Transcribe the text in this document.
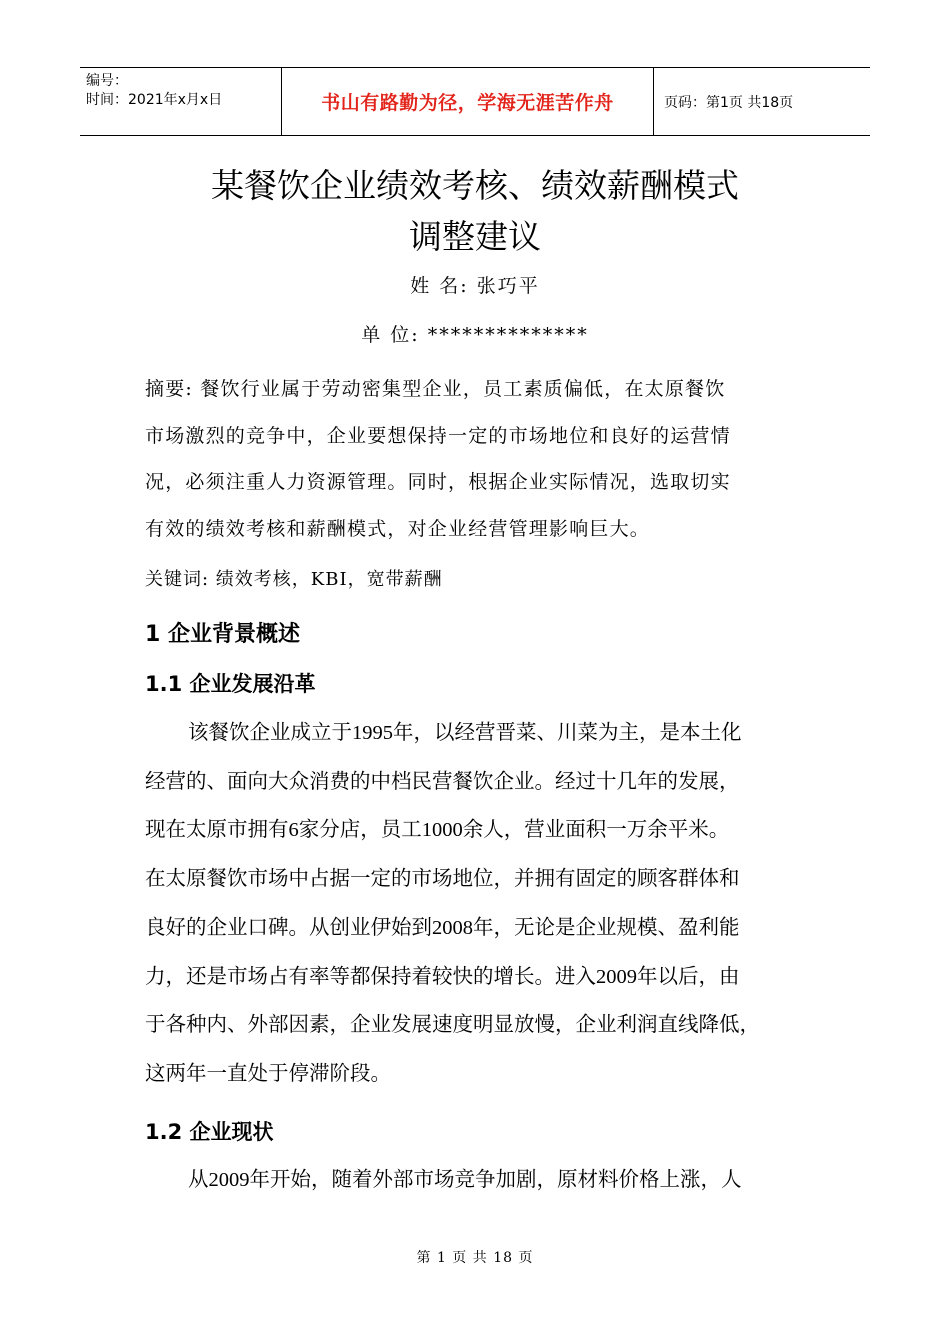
编号：
时间：2021年x月x日	书山有路勤为径，学海无涯苦作舟	页码：第1页 共18页
某餐饮企业绩效考核、绩效薪酬模式
调整建议
姓 名: 张巧平
单 位: **************
摘要: 餐饮行业属于劳动密集型企业，员工素质偏低，在太原餐饮
市场激烈的竞争中，企业要想保持一定的市场地位和良好的运营情
况，必须注重人力资源管理。同时，根据企业实际情况，选取切实
有效的绩效考核和薪酬模式，对企业经营管理影响巨大。
关键词: 绩效考核，KBI，宽带薪酬
1 企业背景概述
1.1 企业发展沿革
该餐饮企业成立于1995年，以经营晋菜、川菜为主，是本土化
经营的、面向大众消费的中档民营餐饮企业。经过十几年的发展，
现在太原市拥有6家分店，员工1000余人，营业面积一万余平米。
在太原餐饮市场中占据一定的市场地位，并拥有固定的顾客群体和
良好的企业口碑。从创业伊始到2008年，无论是企业规模、盈利能
力，还是市场占有率等都保持着较快的增长。进入2009年以后，由
于各种内、外部因素，企业发展速度明显放慢，企业利润直线降低，
这两年一直处于停滞阶段。
1.2 企业现状
从2009年开始，随着外部市场竞争加剧，原材料价格上涨，人
第 1 页 共 18 页
